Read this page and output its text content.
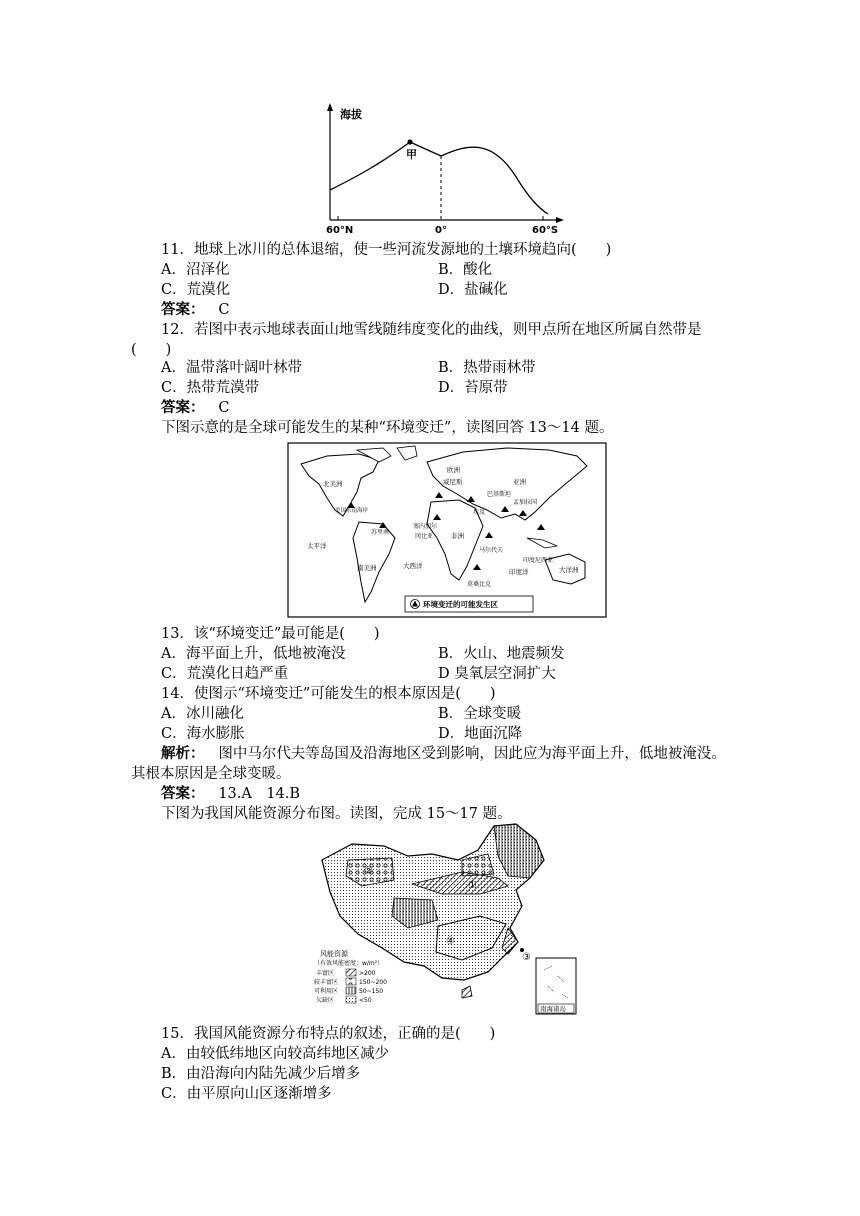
海拔
甲
60°N	0°	60°S
11．地球上冰川的总体退缩，使一些河流发源地的土壤环境趋向(　　)
A．沼泽化	B．酸化
C．荒漠化	D．盐碱化
答案： C
12．若图中表示地球表面山地雪线随纬度变化的曲线，则甲点所在地区所属自然带是
(　　)
A．温带落叶阔叶林带	B．热带雨林带
C．热带荒漠带	D．苔原带
答案： C
下图示意的是全球可能发生的某种“环境变迁”，读图回答 13～14 题。
欧洲
威尼斯	亚洲
北美洲
美国东南海岸
巴基斯坦
孟加拉国
埃及
塞内加尔
冈比亚
苏里南	非洲
马尔代夫
太平洋
南美洲	大西洋
印度尼西亚
印度洋
莫桑比克
大洋洲
环境变迁的可能发生区
13．该“环境变迁”最可能是(　　)
A．海平面上升，低地被淹没	B．火山、地震频发
C．荒漠化日趋严重	D 臭氧层空洞扩大
14．使图示“环境变迁”可能发生的根本原因是(　　)
A．冰川融化	B．全球变暖
C．海水膨胀	D．地面沉降
解析： 图中马尔代夫等岛国及沿海地区受到影响，因此应为海平面上升，低地被淹没。
其根本原因是全球变暖。
答案： 13.A　14.B
下图为我国风能资源分布图。读图，完成 15～17 题。
①
②
③
④
风能资源
（有效风能密度：w/m²）
丰富区	>200
较丰富区	150~200
可利用区	50~150
欠缺区	<50
南海诸岛
15．我国风能资源分布特点的叙述，正确的是(　　)
A．由较低纬地区向较高纬地区减少
B．由沿海向内陆先减少后增多
C．由平原向山区逐渐增多
